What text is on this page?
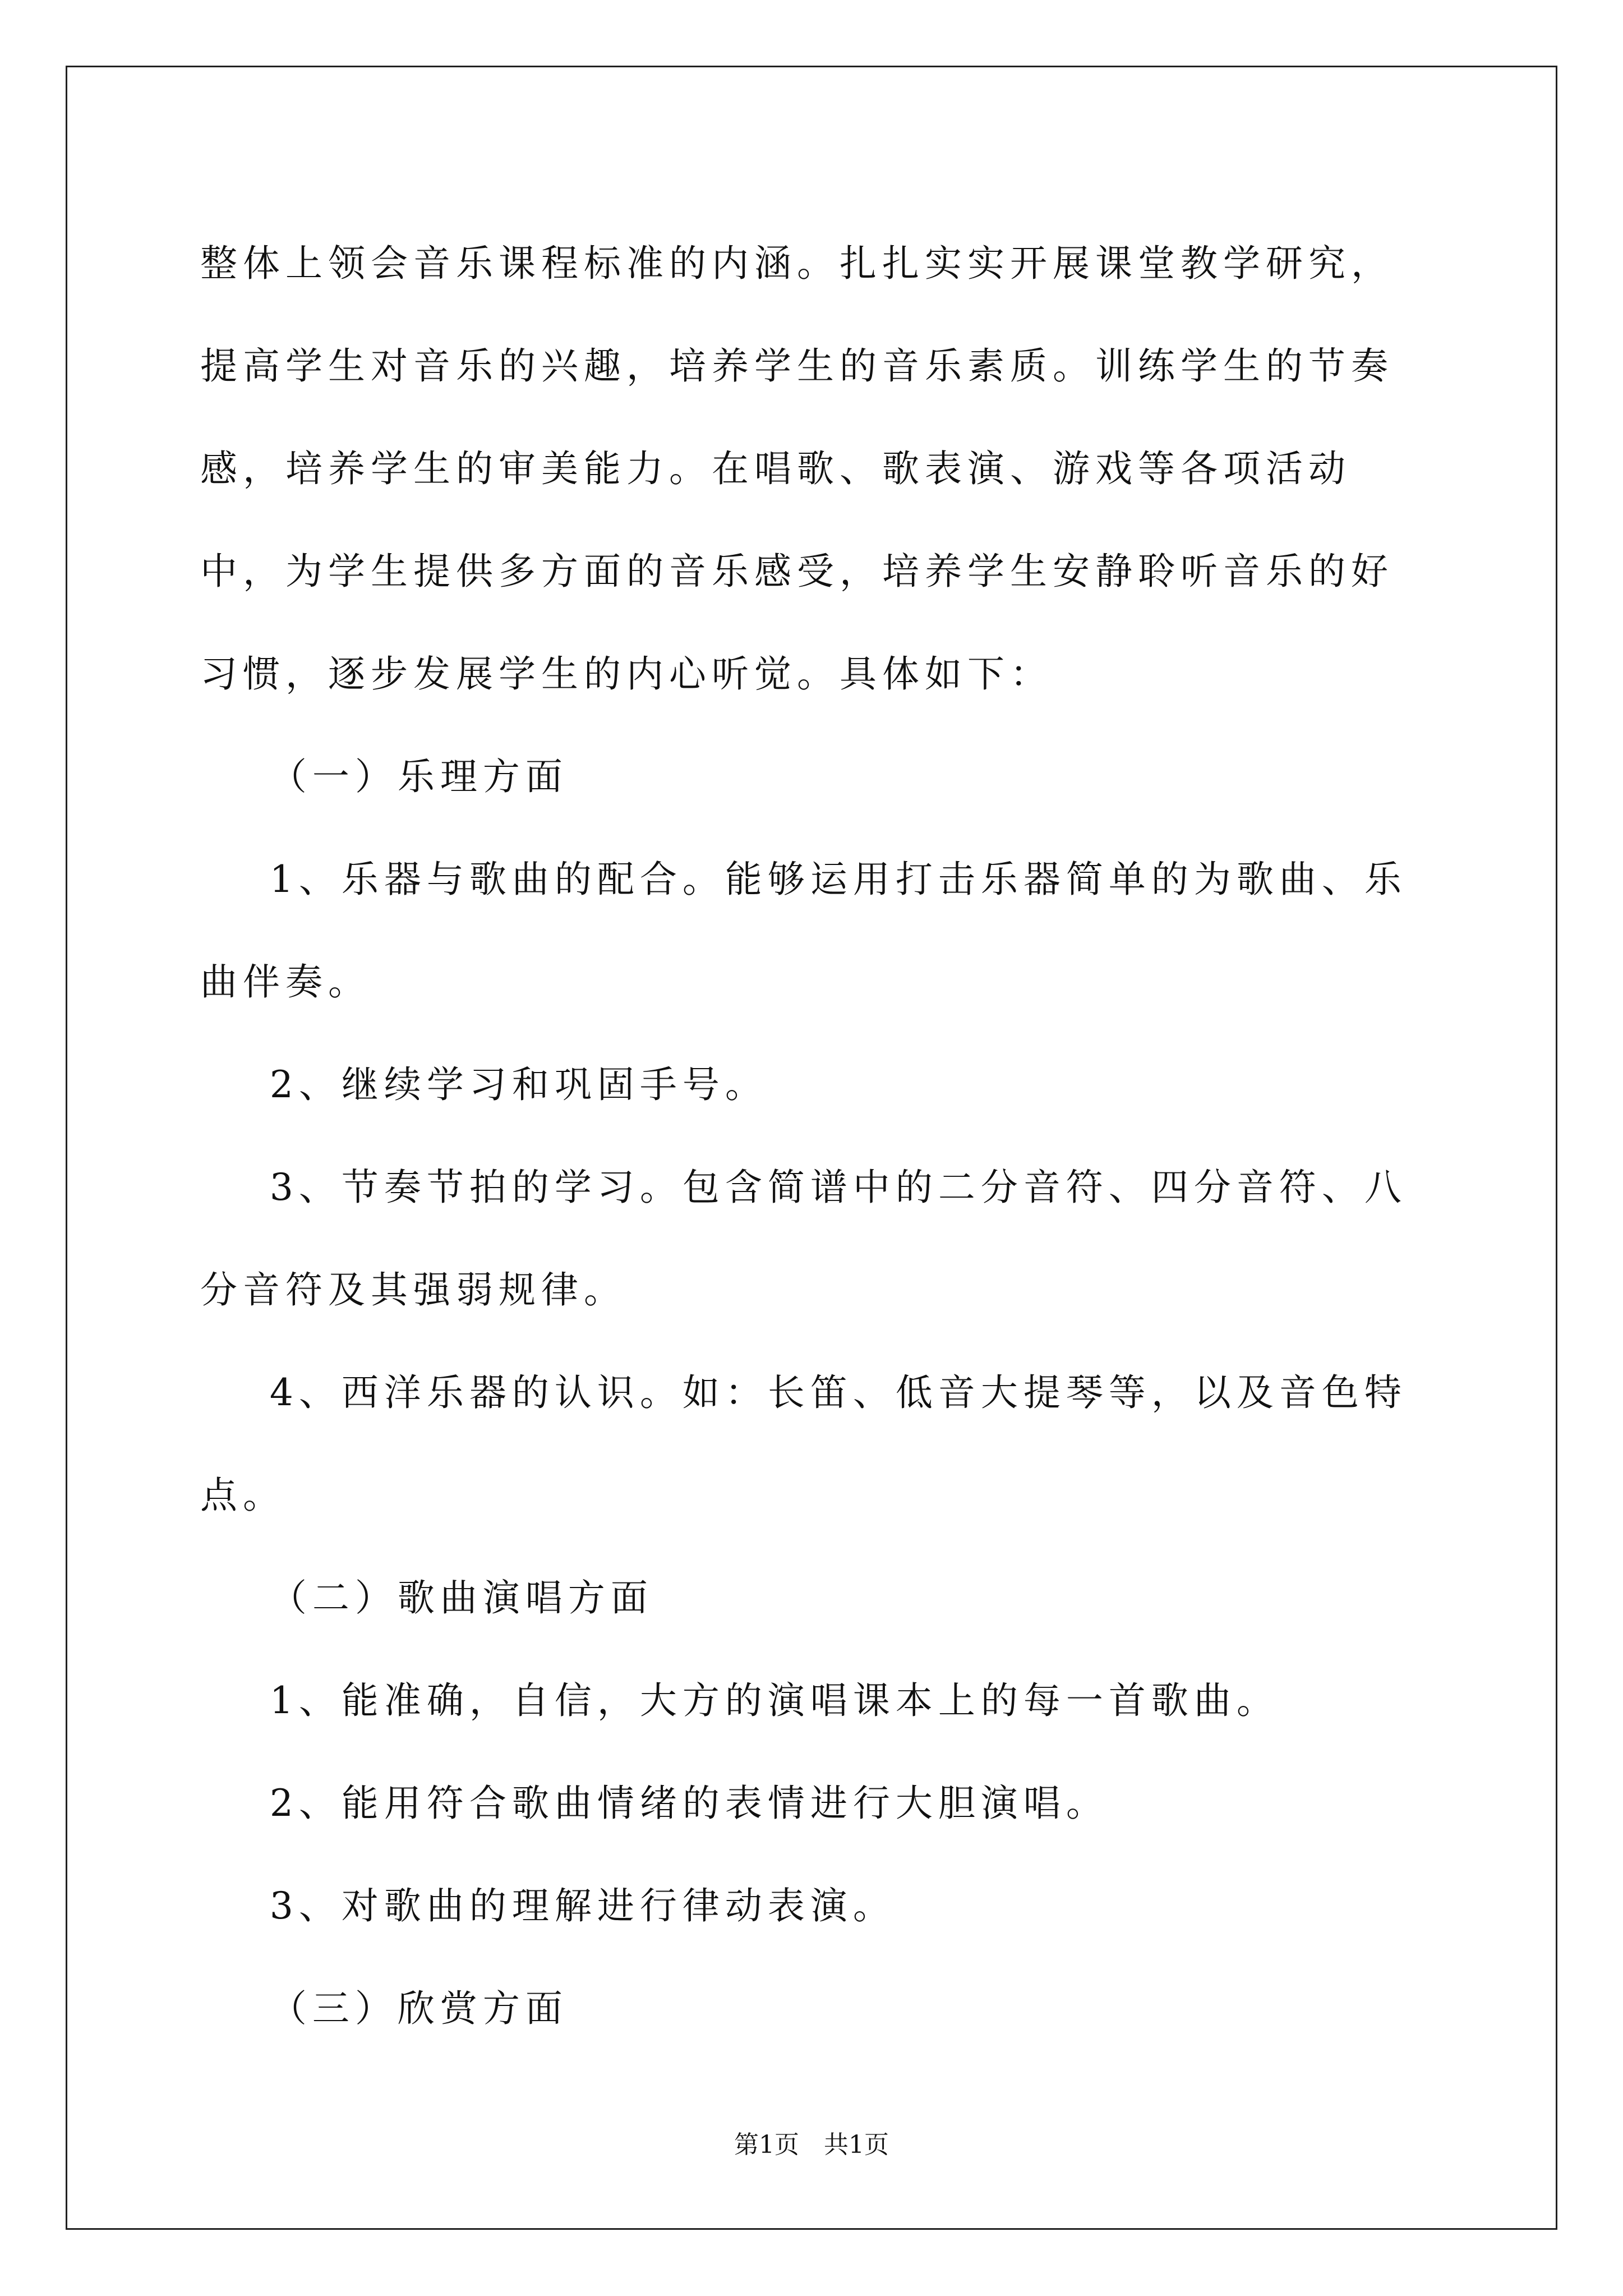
整体上领会音乐课程标准的内涵。扎扎实实开展课堂教学研究，提高学生对音乐的兴趣，培养学生的音乐素质。训练学生的节奏感，培养学生的审美能力。在唱歌、歌表演、游戏等各项活动中，为学生提供多方面的音乐感受，培养学生安静聆听音乐的好习惯，逐步发展学生的内心听觉。具体如下：

（一）乐理方面

1、乐器与歌曲的配合。能够运用打击乐器简单的为歌曲、乐曲伴奏。

2、继续学习和巩固手号。

3、节奏节拍的学习。包含简谱中的二分音符、四分音符、八分音符及其强弱规律。

4、西洋乐器的认识。如：长笛、低音大提琴等，以及音色特点。

（二）歌曲演唱方面

1、能准确，自信，大方的演唱课本上的每一首歌曲。

2、能用符合歌曲情绪的表情进行大胆演唱。

3、对歌曲的理解进行律动表演。

（三）欣赏方面

第1页　共1页
